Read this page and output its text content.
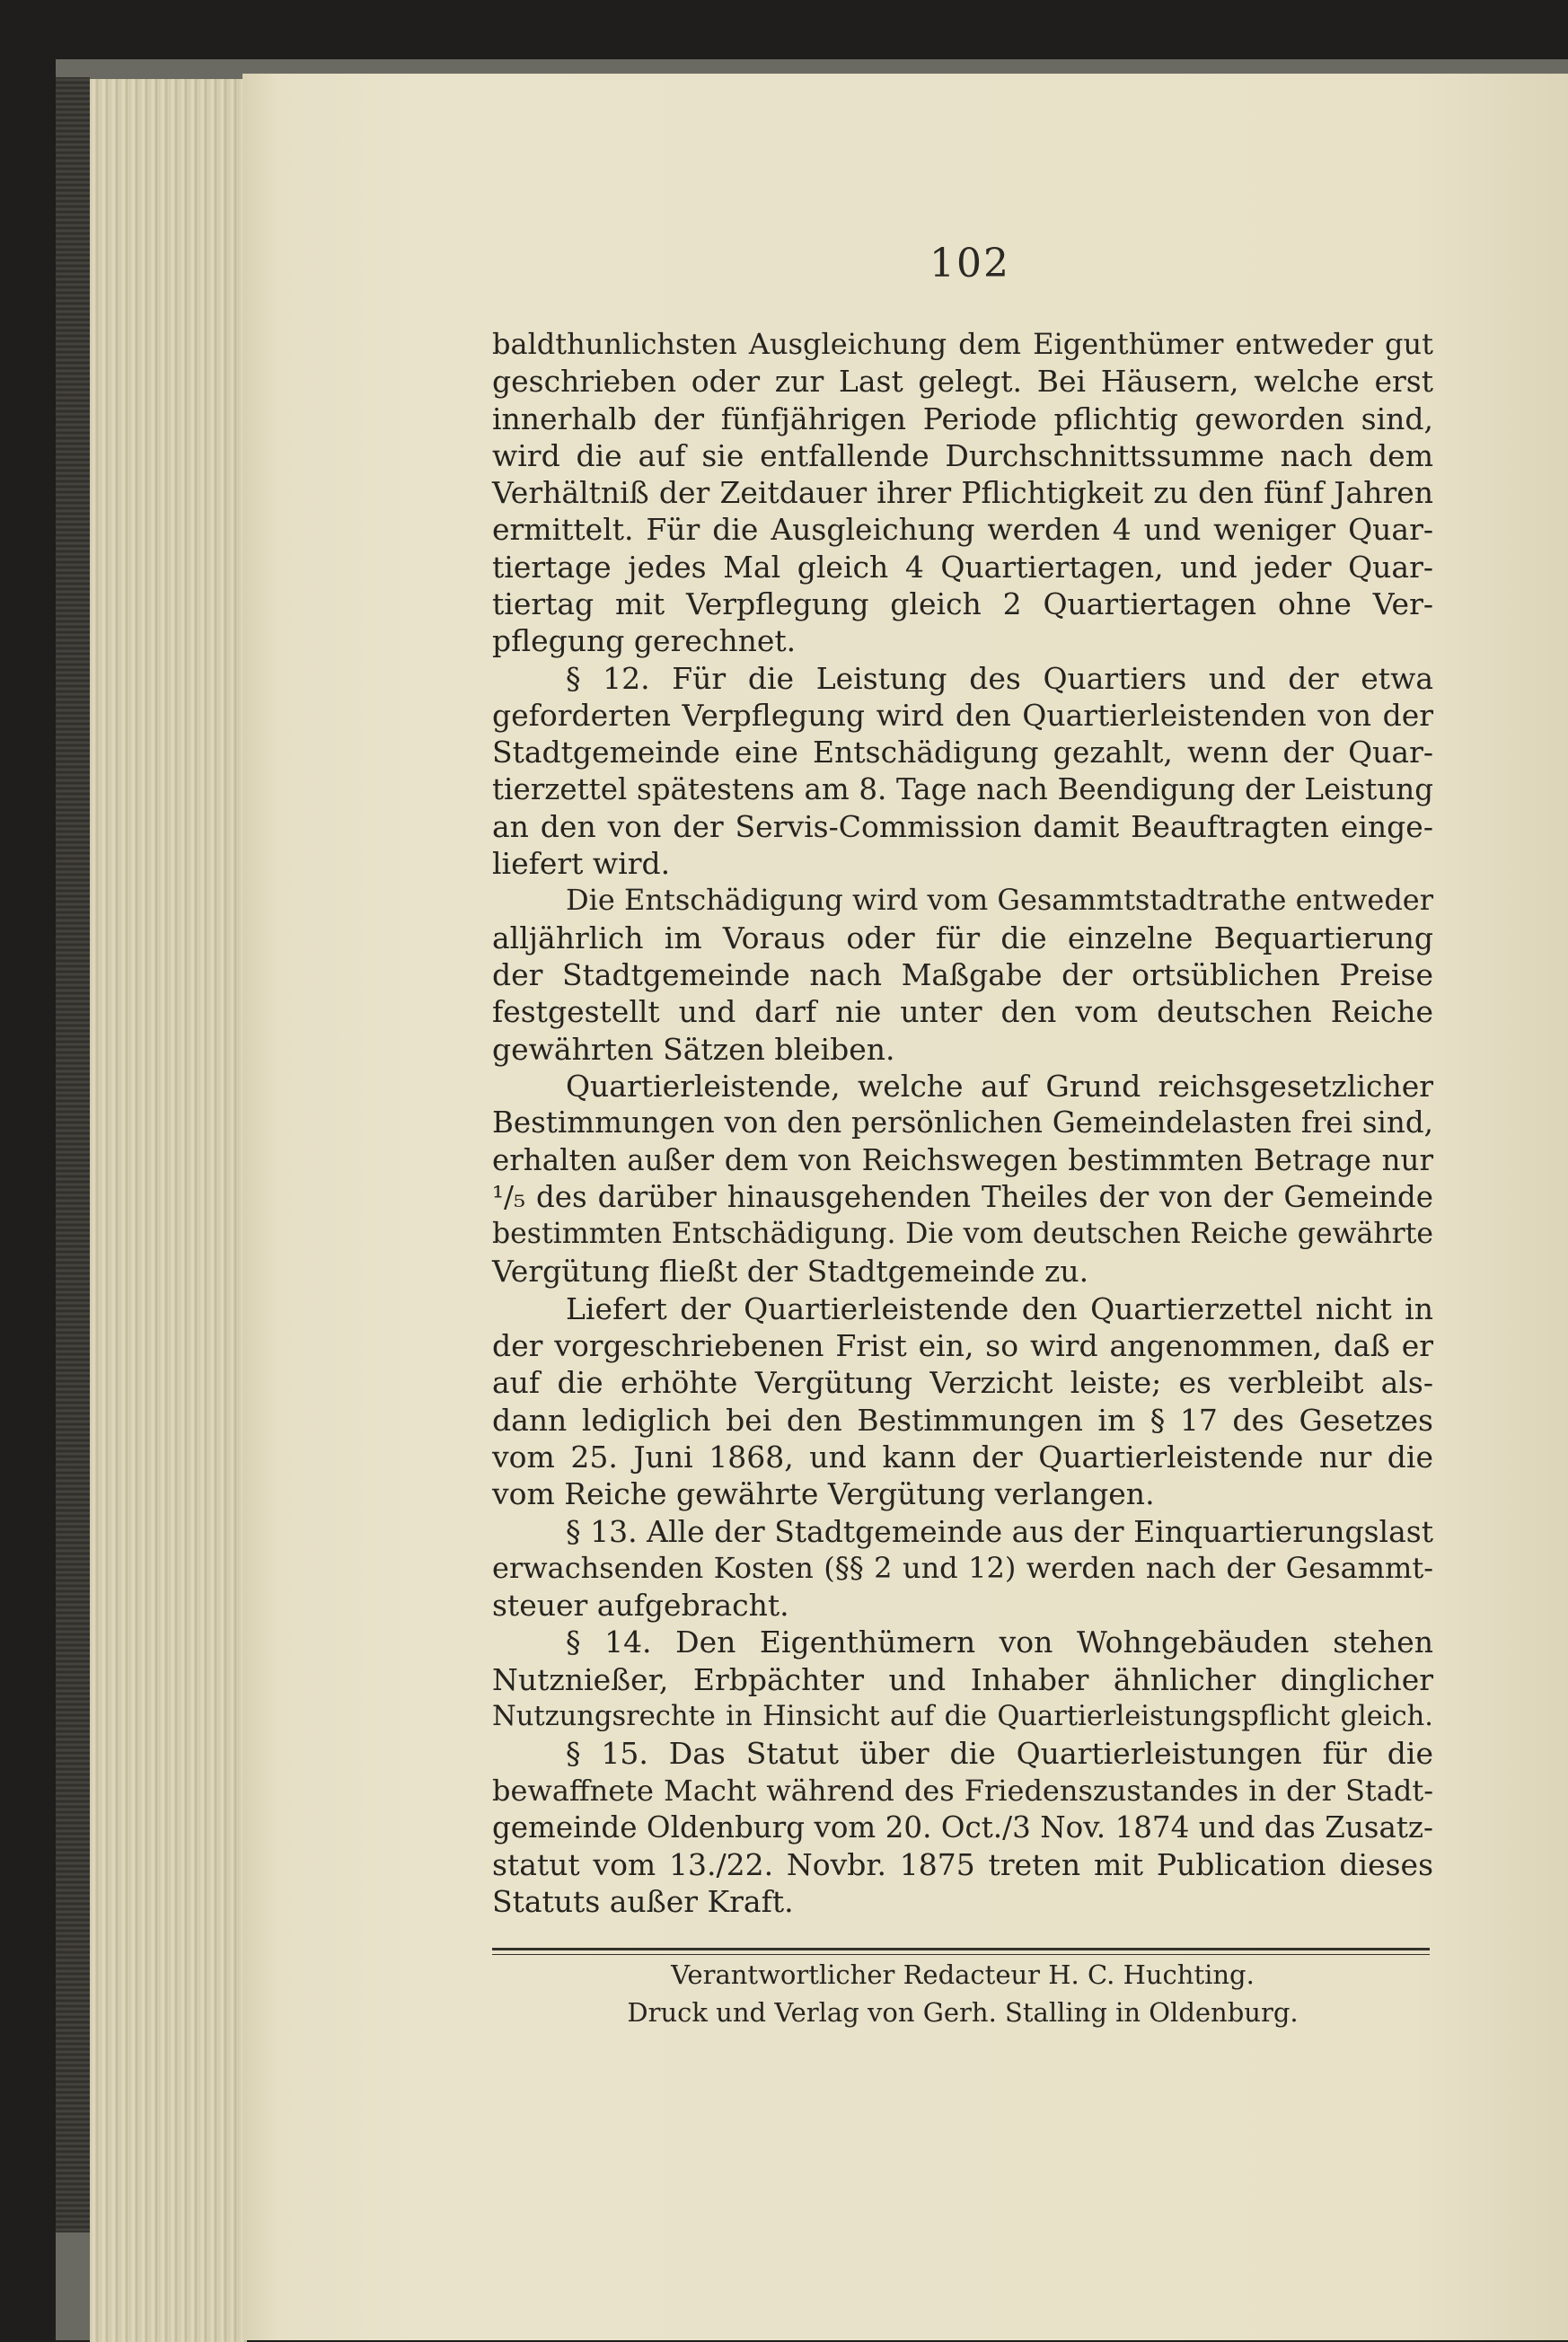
102
baldthunlichsten Ausgleichung dem Eigenthümer entweder gut
geschrieben oder zur Last gelegt. Bei Häusern, welche erst
innerhalb der fünfjährigen Periode pflichtig geworden sind,
wird die auf sie entfallende Durchschnittssumme nach dem
Verhältniß der Zeitdauer ihrer Pflichtigkeit zu den fünf Jahren
ermittelt. Für die Ausgleichung werden 4 und weniger Quar-
tiertage jedes Mal gleich 4 Quartiertagen, und jeder Quar-
tiertag mit Verpflegung gleich 2 Quartiertagen ohne Ver-
pflegung gerechnet.
§ 12. Für die Leistung des Quartiers und der etwa
geforderten Verpflegung wird den Quartierleistenden von der
Stadtgemeinde eine Entschädigung gezahlt, wenn der Quar-
tierzettel spätestens am 8. Tage nach Beendigung der Leistung
an den von der Servis-Commission damit Beauftragten einge-
liefert wird.
Die Entschädigung wird vom Gesammtstadtrathe entweder
alljährlich im Voraus oder für die einzelne Bequartierung
der Stadtgemeinde nach Maßgabe der ortsüblichen Preise
festgestellt und darf nie unter den vom deutschen Reiche
gewährten Sätzen bleiben.
Quartierleistende, welche auf Grund reichsgesetzlicher
Bestimmungen von den persönlichen Gemeindelasten frei sind,
erhalten außer dem von Reichswegen bestimmten Betrage nur
¹/₅ des darüber hinausgehenden Theiles der von der Gemeinde
bestimmten Entschädigung. Die vom deutschen Reiche gewährte
Vergütung fließt der Stadtgemeinde zu.
Liefert der Quartierleistende den Quartierzettel nicht in
der vorgeschriebenen Frist ein, so wird angenommen, daß er
auf die erhöhte Vergütung Verzicht leiste; es verbleibt als-
dann lediglich bei den Bestimmungen im § 17 des Gesetzes
vom 25. Juni 1868, und kann der Quartierleistende nur die
vom Reiche gewährte Vergütung verlangen.
§ 13. Alle der Stadtgemeinde aus der Einquartierungslast
erwachsenden Kosten (§§ 2 und 12) werden nach der Gesammt-
steuer aufgebracht.
§ 14. Den Eigenthümern von Wohngebäuden stehen
Nutznießer, Erbpächter und Inhaber ähnlicher dinglicher
Nutzungsrechte in Hinsicht auf die Quartierleistungspflicht gleich.
§ 15. Das Statut über die Quartierleistungen für die
bewaffnete Macht während des Friedenszustandes in der Stadt-
gemeinde Oldenburg vom 20. Oct./3 Nov. 1874 und das Zusatz-
statut vom 13./22. Novbr. 1875 treten mit Publication dieses
Statuts außer Kraft.
Verantwortlicher Redacteur H. C. Huchting.
Druck und Verlag von Gerh. Stalling in Oldenburg.
